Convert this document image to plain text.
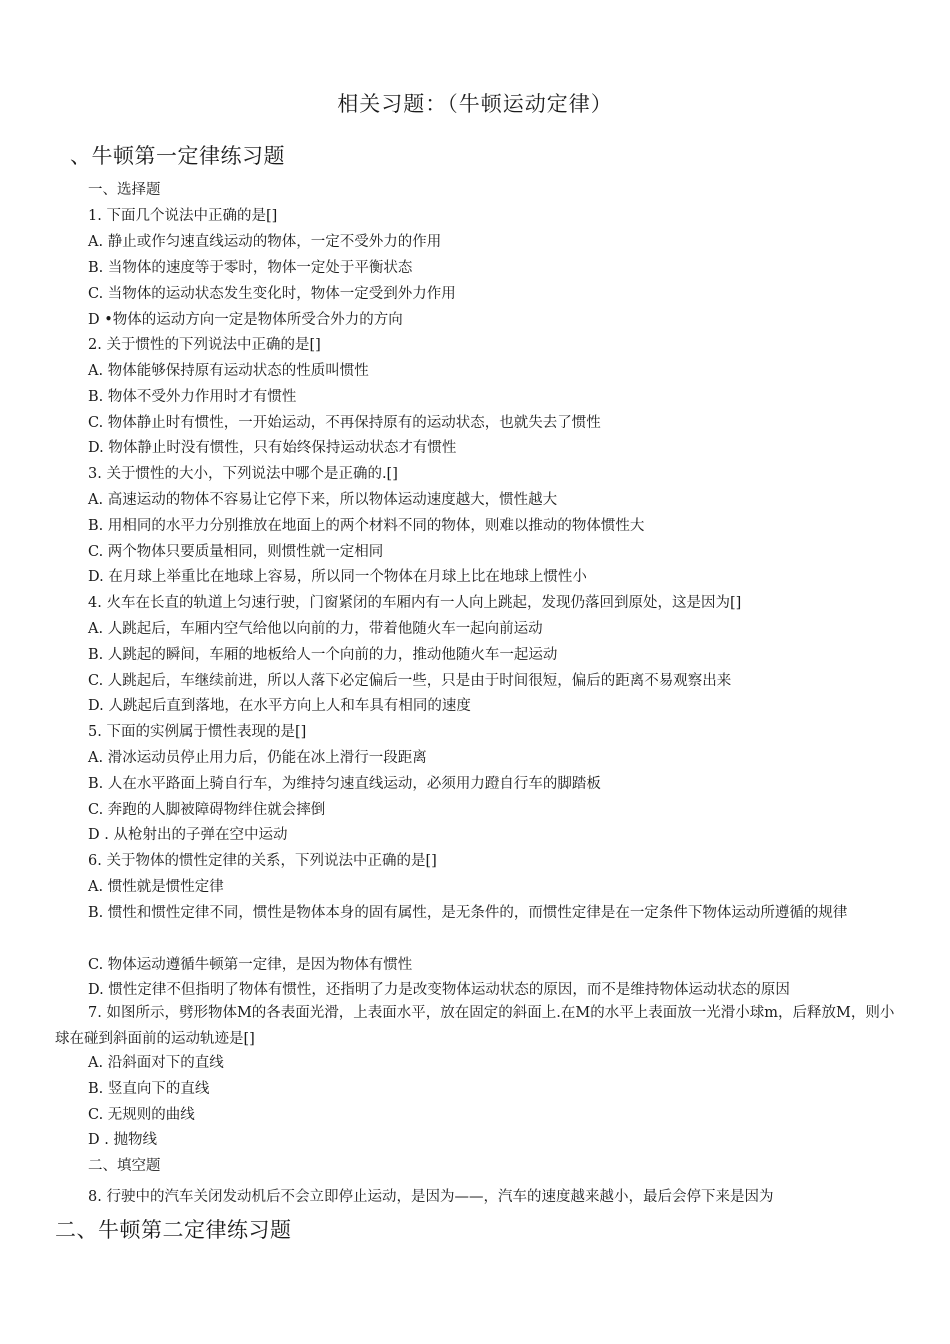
相关习题：（牛顿运动定律）
、牛顿第一定律练习题
一、选择题
1. 下面几个说法中正确的是[]
A. 静止或作匀速直线运动的物体，一定不受外力的作用
B. 当物体的速度等于零时，物体一定处于平衡状态
C. 当物体的运动状态发生变化时，物体一定受到外力作用
D •物体的运动方向一定是物体所受合外力的方向
2. 关于惯性的下列说法中正确的是[]
A. 物体能够保持原有运动状态的性质叫惯性
B. 物体不受外力作用时才有惯性
C. 物体静止时有惯性，一开始运动，不再保持原有的运动状态，也就失去了惯性
D. 物体静止时没有惯性，只有始终保持运动状态才有惯性
3. 关于惯性的大小，下列说法中哪个是正确的.[]
A. 高速运动的物体不容易让它停下来，所以物体运动速度越大，惯性越大
B. 用相同的水平力分别推放在地面上的两个材料不同的物体，则难以推动的物体惯性大
C. 两个物体只要质量相同，则惯性就一定相同
D. 在月球上举重比在地球上容易，所以同一个物体在月球上比在地球上惯性小
4. 火车在长直的轨道上匀速行驶，门窗紧闭的车厢内有一人向上跳起，发现仍落回到原处，这是因为[]
A. 人跳起后，车厢内空气给他以向前的力，带着他随火车一起向前运动
B. 人跳起的瞬间，车厢的地板给人一个向前的力，推动他随火车一起运动
C. 人跳起后，车继续前进，所以人落下必定偏后一些，只是由于时间很短，偏后的距离不易观察出来
D. 人跳起后直到落地，在水平方向上人和车具有相同的速度
5. 下面的实例属于惯性表现的是[]
A. 滑冰运动员停止用力后，仍能在冰上滑行一段距离
B. 人在水平路面上骑自行车，为维持匀速直线运动，必须用力蹬自行车的脚踏板
C. 奔跑的人脚被障碍物绊住就会摔倒
D . 从枪射出的子弹在空中运动
6. 关于物体的惯性定律的关系，下列说法中正确的是[]
A. 惯性就是惯性定律
B. 惯性和惯性定律不同，惯性是物体本身的固有属性，是无条件的，而惯性定律是在一定条件下物体运动所遵循的规律
C. 物体运动遵循牛顿第一定律，是因为物体有惯性
D. 惯性定律不但指明了物体有惯性，还指明了力是改变物体运动状态的原因，而不是维持物体运动状态的原因
7. 如图所示，劈形物体M的各表面光滑，上表面水平，放在固定的斜面上.在M的水平上表面放一光滑小球m，后释放M，则小球在碰到斜面前的运动轨迹是[]
A. 沿斜面对下的直线
B. 竖直向下的直线
C. 无规则的曲线
D . 抛物线
二、填空题
8. 行驶中的汽车关闭发动机后不会立即停止运动，是因为——，汽车的速度越来越小，最后会停下来是因为
二、牛顿第二定律练习题
